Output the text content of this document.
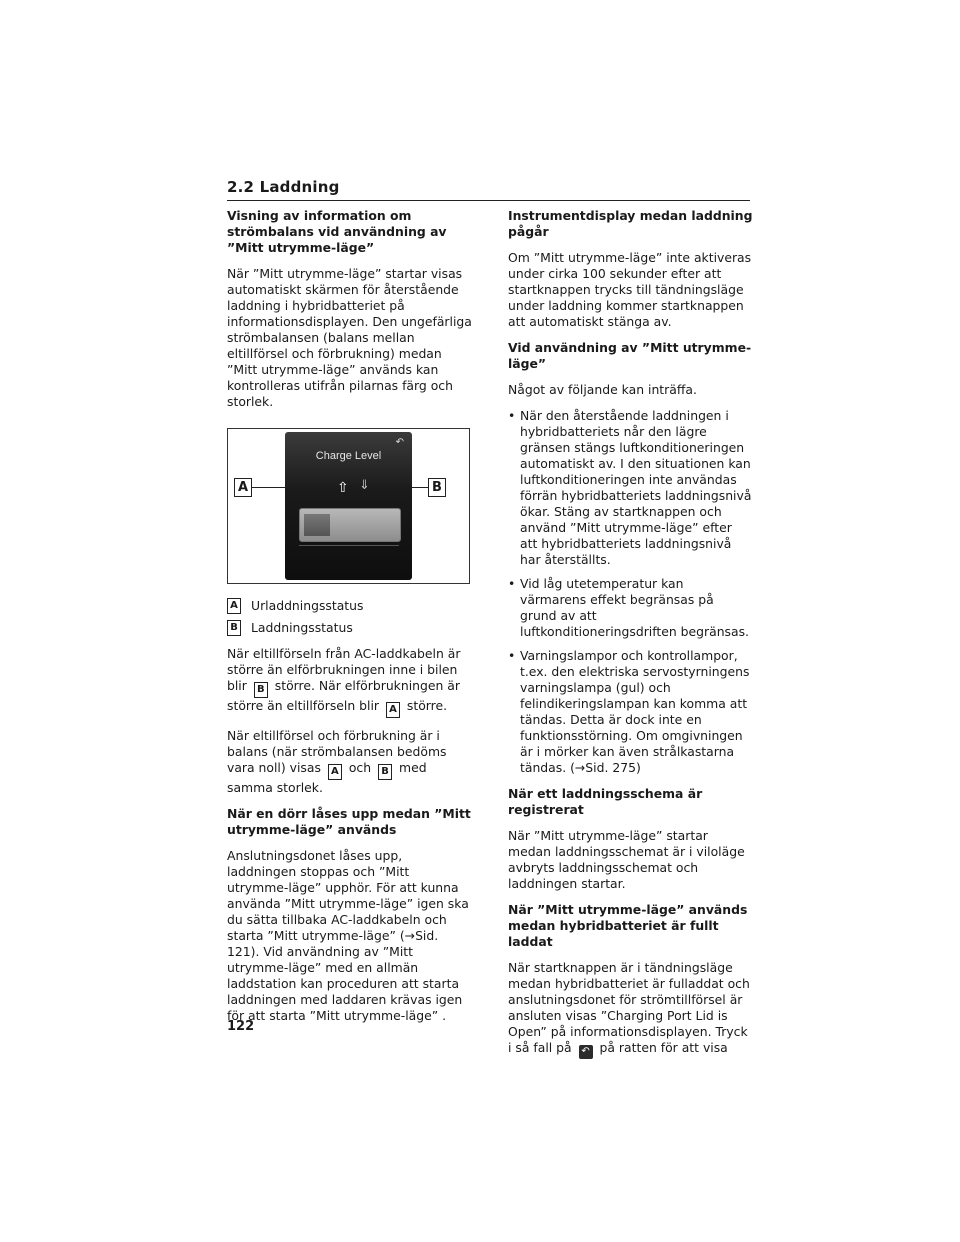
2.2 Laddning
Visning av information om strömbalans vid användning av ”Mitt utrymme-läge”

När ”Mitt utrymme-läge” startar visas automatiskt skärmen för återstående laddning i hybridbatteriet på informationsdisplayen. Den ungefärliga strömbalansen (balans mellan eltillförsel och förbrukning) medan ”Mitt utrymme-läge” används kan kontrolleras utifrån pilarnas färg och storlek.

↶
Charge Level
⇧ ⇓
A	B
A Urladdningsstatus
B Laddningsstatus

När eltillförseln från AC-laddkabeln är större än elförbrukningen inne i bilen blir B större. När elförbrukningen är större än eltillförseln blir A större.

När eltillförsel och förbrukning är i balans (när strömbalansen bedöms vara noll) visas A och B med samma storlek.

När en dörr låses upp medan ”Mitt utrymme-läge” används

Anslutningsdonet låses upp, laddningen stoppas och ”Mitt utrymme-läge” upphör. För att kunna använda ”Mitt utrymme-läge” igen ska du sätta tillbaka AC-laddkabeln och starta ”Mitt utrymme-läge” (→Sid. 121). Vid användning av ”Mitt utrymme-läge” med en allmän laddstation kan proceduren att starta laddningen med laddaren krävas igen för att starta ”Mitt utrymme-läge” .

Instrumentdisplay medan laddning pågår

Om ”Mitt utrymme-läge” inte aktiveras under cirka 100 sekunder efter att startknappen trycks till tändningsläge under laddning kommer startknappen att automatiskt stänga av.

Vid användning av ”Mitt utrymme-läge”

Något av följande kan inträffa.

• När den återstående laddningen i hybridbatteriets når den lägre gränsen stängs luftkonditioneringen automatiskt av. I den situationen kan luftkonditioneringen inte användas förrän hybridbatteriets laddningsnivå ökar. Stäng av startknappen och använd ”Mitt utrymme-läge” efter att hybridbatteriets laddningsnivå har återställts.
• Vid låg utetemperatur kan värmarens effekt begränsas på grund av att luftkonditioneringsdriften begränsas.
• Varningslampor och kontrollampor, t.ex. den elektriska servostyrningens varningslampa (gul) och felindikeringslampan kan komma att tändas. Detta är dock inte en funktionsstörning. Om omgivningen är i mörker kan även strålkastarna tändas. (→Sid. 275)
När ett laddningsschema är registrerat

När ”Mitt utrymme-läge” startar medan laddningsschemat är i viloläge avbryts laddningsschemat och laddningen startar.

När ”Mitt utrymme-läge” används medan hybridbatteriet är fullt laddat

När startknappen är i tändningsläge medan hybridbatteriet är fulladdat och anslutningsdonet för strömtillförsel är ansluten visas ”Charging Port Lid is Open” på informationsdisplayen. Tryck i så fall på ↶ på ratten för att visa

122
